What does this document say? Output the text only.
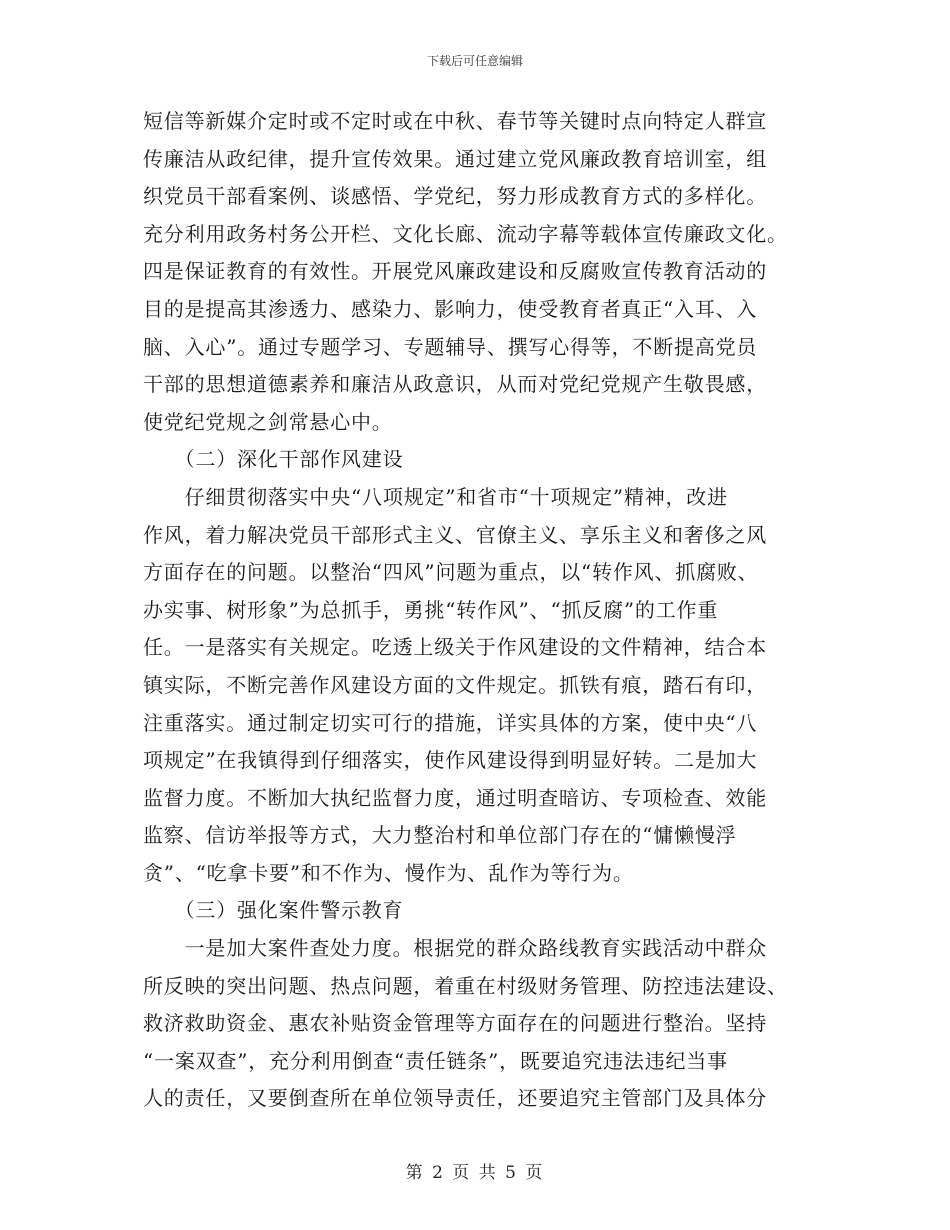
下载后可任意编辑
短信等新媒介定时或不定时或在中秋、春节等关键时点向特定人群宣
传廉洁从政纪律，提升宣传效果。通过建立党风廉政教育培训室，组
织党员干部看案例、谈感悟、学党纪，努力形成教育方式的多样化。
充分利用政务村务公开栏、文化长廊、流动字幕等载体宣传廉政文化。
四是保证教育的有效性。开展党风廉政建设和反腐败宣传教育活动的
目的是提高其渗透力、感染力、影响力，使受教育者真正“入耳、入
脑、入心”。通过专题学习、专题辅导、撰写心得等，不断提高党员
干部的思想道德素养和廉洁从政意识，从而对党纪党规产生敬畏感，
使党纪党规之剑常悬心中。
　　（二）深化干部作风建设
　　仔细贯彻落实中央“八项规定”和省市“十项规定”精神，改进
作风，着力解决党员干部形式主义、官僚主义、享乐主义和奢侈之风
方面存在的问题。以整治“四风”问题为重点，以“转作风、抓腐败、
办实事、树形象”为总抓手，勇挑“转作风”、“抓反腐”的工作重
任。一是落实有关规定。吃透上级关于作风建设的文件精神，结合本
镇实际，不断完善作风建设方面的文件规定。抓铁有痕，踏石有印，
注重落实。通过制定切实可行的措施，详实具体的方案，使中央“八
项规定”在我镇得到仔细落实，使作风建设得到明显好转。二是加大
监督力度。不断加大执纪监督力度，通过明查暗访、专项检查、效能
监察、信访举报等方式，大力整治村和单位部门存在的“慵懒慢浮
贪”、“吃拿卡要”和不作为、慢作为、乱作为等行为。
　　（三）强化案件警示教育
　　一是加大案件查处力度。根据党的群众路线教育实践活动中群众
所反映的突出问题、热点问题，着重在村级财务管理、防控违法建设、
救济救助资金、惠农补贴资金管理等方面存在的问题进行整治。坚持
“一案双查”，充分利用倒查“责任链条”，既要追究违法违纪当事
人的责任，又要倒查所在单位领导责任，还要追究主管部门及具体分
第 2 页 共 5 页
